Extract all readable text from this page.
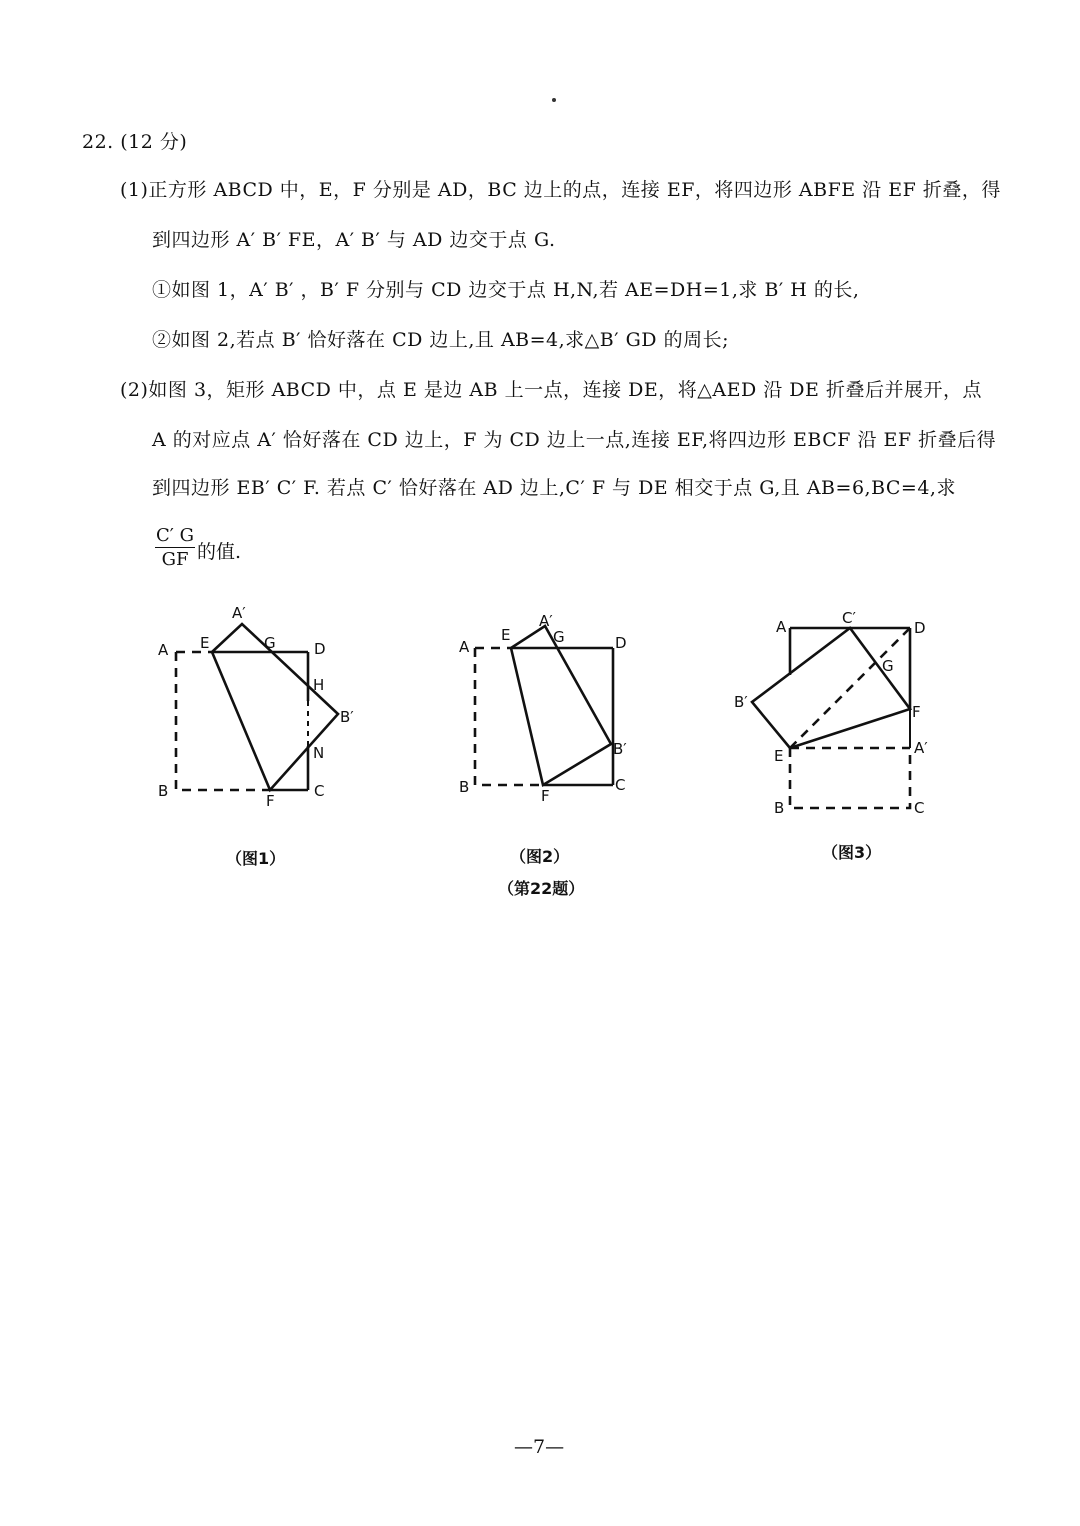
22. (12 分)
(1)正方形 ABCD 中，E，F 分别是 AD，BC 边上的点，连接 EF，将四边形 ABFE 沿 EF 折叠，得
到四边形 A′ B′ FE，A′ B′ 与 AD 边交于点 G.
①如图 1，A′ B′ ，B′ F 分别与 CD 边交于点 H,N,若 AE=DH=1,求 B′ H 的长,
②如图 2,若点 B′ 恰好落在 CD 边上,且 AB=4,求△B′ GD 的周长;
(2)如图 3，矩形 ABCD 中，点 E 是边 AB 上一点，连接 DE，将△AED 沿 DE 折叠后并展开，点
A 的对应点 A′ 恰好落在 CD 边上，F 为 CD 边上一点,连接 EF,将四边形 EBCF 沿 EF 折叠后得
到四边形 EB′ C′ F. 若点 C′ 恰好落在 AD 边上,C′ F 与 DE 相交于点 G,且 AB=6,BC=4,求
$\frac{C' G}{GF}$ 的值.
A
A′
E	G	D
H
B′
N
B
F
C
A
E
A′
G	D
B′
B	F
C
A	C′
D
G
B′
F
E	A′
B	C
（图1）	（图2）	（图3）
（第22题）
—7—
